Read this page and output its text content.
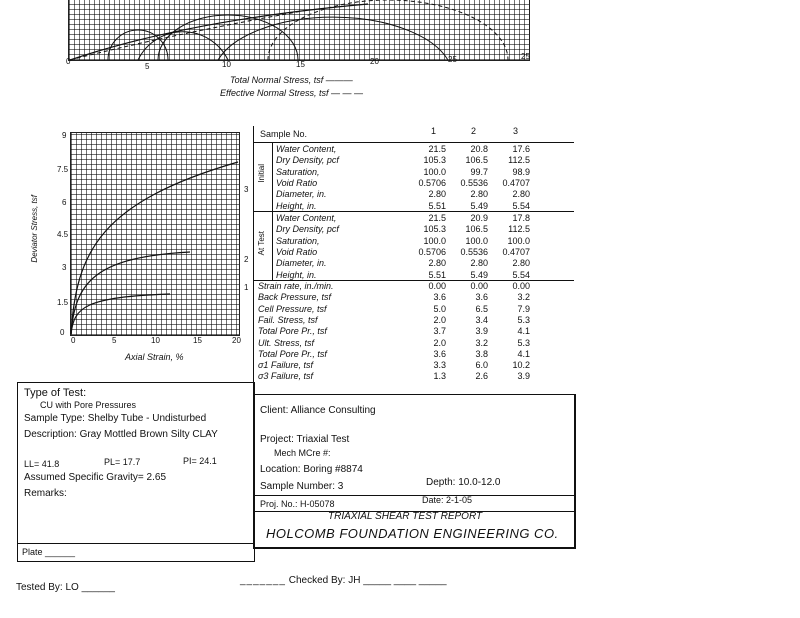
0
5	10	15	20	25	25
Total Normal Stress, tsf ———
Effective Normal Stress, tsf — — —
Deviator Stress, tsf
0
1.5
3
4.5
6
7.5
9
0	5	10	15	20
Axial Strain, %
3
2
1
Sample No.	1	2	3
Initial
Water Content,	21.5	20.8	17.6
Dry Density, pcf	105.3	106.5	112.5
Saturation,	100.0	99.7	98.9
Void Ratio	0.5706	0.5536	0.4707
Diameter, in.	2.80	2.80	2.80
Height, in.	5.51	5.49	5.54
At Test
Water Content,	21.5	20.9	17.8
Dry Density, pcf	105.3	106.5	112.5
Saturation,	100.0	100.0	100.0
Void Ratio	0.5706	0.5536	0.4707
Diameter, in.	2.80	2.80	2.80
Height, in.	5.51	5.49	5.54
Strain rate, in./min.	0.00	0.00	0.00
Back Pressure, tsf	3.6	3.6	3.2
Cell Pressure, tsf	5.0	6.5	7.9
Fail. Stress, tsf	2.0	3.4	5.3
Total Pore Pr., tsf	3.7	3.9	4.1
Ult. Stress, tsf	2.0	3.2	5.3
Total Pore Pr., tsf	3.6	3.8	4.1
σ1 Failure, tsf	3.3	6.0	10.2
σ3 Failure, tsf	1.3	2.6	3.9
Type of Test:
CU with Pore Pressures
Sample Type: Shelby Tube - Undisturbed
Description: Gray Mottled Brown Silty CLAY
LL= 41.8	PL= 17.7	PI= 24.1
Assumed Specific Gravity= 2.65
Remarks:
Plate ______
Client: Alliance Consulting
Project: Triaxial Test
Mech MCre #:
Location: Boring #8874
Sample Number: 3	Depth: 10.0-12.0
Proj. No.: H-05078	Date: 2-1-05
TRIAXIAL SHEAR TEST REPORT
HOLCOMB FOUNDATION ENGINEERING CO.
Tested By: LO ______
_______ Checked By: JH _____ ____ _____
